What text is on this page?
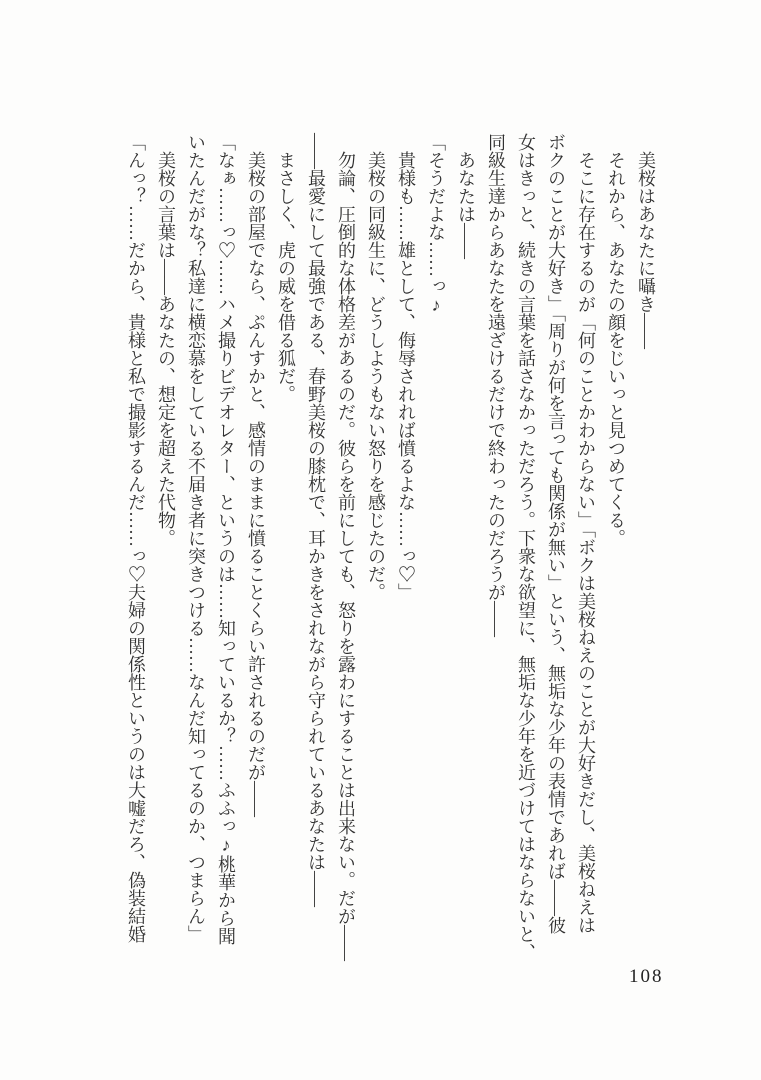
　美桜はあなたに囁き――

　それから、あなたの顔をじいっと見つめてくる。

　そこに存在するのが「何のことかわからない」「ボクは美桜ねえのことが大好きだし、美桜ねえは

ボクのことが大好き」「周りが何を言っても関係が無い」という、無垢な少年の表情であれば――彼

女はきっと、続きの言葉を話さなかっただろう。下衆な欲望に、無垢な少年を近づけてはならないと、

同級生達からあなたを遠ざけるだけで終わったのだろうが――

　あなたは――

「そうだよな……っ♪

　貴様も……雄として、侮辱されれば憤るよな……っ♡」

　美桜の同級生に、どうしようもない怒りを感じたのだ。

　勿論、圧倒的な体格差があるのだ。彼らを前にしても、怒りを露わにすることは出来ない。だが――

――最愛にして最強である、春野美桜の膝枕で、耳かきをされながら守られているあなたは――

　まさしく、虎の威を借る狐だ。

　美桜の部屋でなら、ぷんすかと、感情のままに憤ることくらい許されるのだが――

「なぁ……っ♡……ハメ撮りビデオレター、というのは……知っているか？……ふふっ♪桃華から聞

いたんだがな？私達に横恋慕をしている不届き者に突きつける……なんだ知ってるのか、つまらん」

　美桜の言葉は――あなたの、想定を超えた代物。

「んっ？……だから、貴様と私で撮影するんだ……っ♡夫婦の関係性というのは大嘘だろ、偽装結婚

108
